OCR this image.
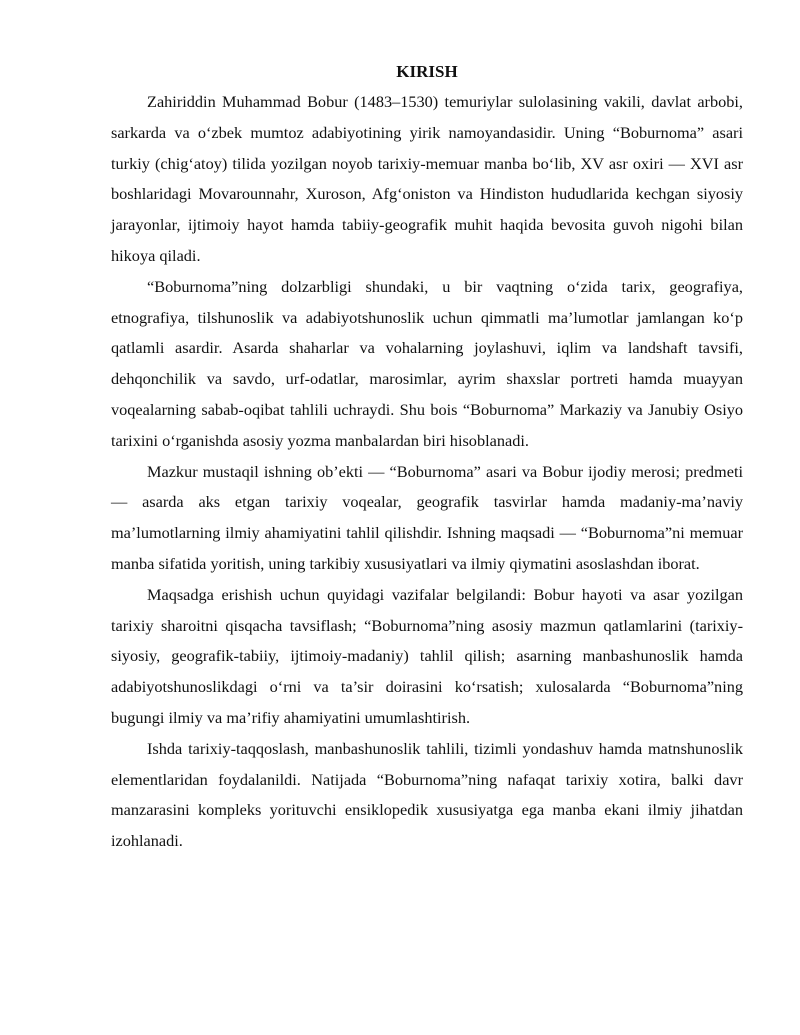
KIRISH

Zahiriddin Muhammad Bobur (1483–1530) temuriylar sulolasining vakili, davlat arbobi, sarkarda va o‘zbek mumtoz adabiyotining yirik namoyandasidir. Uning “Boburnoma” asari turkiy (chig‘atoy) tilida yozilgan noyob tarixiy-memuar manba bo‘lib, XV asr oxiri — XVI asr boshlaridagi Movarounnahr, Xuroson, Afg‘oniston va Hindiston hududlarida kechgan siyosiy jarayonlar, ijtimoiy hayot hamda tabiiy-geografik muhit haqida bevosita guvoh nigohi bilan hikoya qiladi.

“Boburnoma”ning dolzarbligi shundaki, u bir vaqtning o‘zida tarix, geografiya, etnografiya, tilshunoslik va adabiyotshunoslik uchun qimmatli ma’lumotlar jamlangan ko‘p qatlamli asardir. Asarda shaharlar va vohalarning joylashuvi, iqlim va landshaft tavsifi, dehqonchilik va savdo, urf-odatlar, marosimlar, ayrim shaxslar portreti hamda muayyan voqealarning sabab-oqibat tahlili uchraydi. Shu bois “Boburnoma” Markaziy va Janubiy Osiyo tarixini o‘rganishda asosiy yozma manbalardan biri hisoblanadi.

Mazkur mustaqil ishning ob’ekti — “Boburnoma” asari va Bobur ijodiy merosi; predmeti — asarda aks etgan tarixiy voqealar, geografik tasvirlar hamda madaniy-ma’naviy ma’lumotlarning ilmiy ahamiyatini tahlil qilishdir. Ishning maqsadi — “Boburnoma”ni memuar manba sifatida yoritish, uning tarkibiy xususiyatlari va ilmiy qiymatini asoslashdan iborat.

Maqsadga erishish uchun quyidagi vazifalar belgilandi: Bobur hayoti va asar yozilgan tarixiy sharoitni qisqacha tavsiflash; “Boburnoma”ning asosiy mazmun qatlamlarini (tarixiy-siyosiy, geografik-tabiiy, ijtimoiy-madaniy) tahlil qilish; asarning manbashunoslik hamda adabiyotshunoslikdagi o‘rni va ta’sir doirasini ko‘rsatish; xulosalarda “Boburnoma”ning bugungi ilmiy va ma’rifiy ahamiyatini umumlashtirish.

Ishda tarixiy-taqqoslash, manbashunoslik tahlili, tizimli yondashuv hamda matnshunoslik elementlaridan foydalanildi. Natijada “Boburnoma”ning nafaqat tarixiy xotira, balki davr manzarasini kompleks yorituvchi ensiklopedik xususiyatga ega manba ekani ilmiy jihatdan izohlanadi.
